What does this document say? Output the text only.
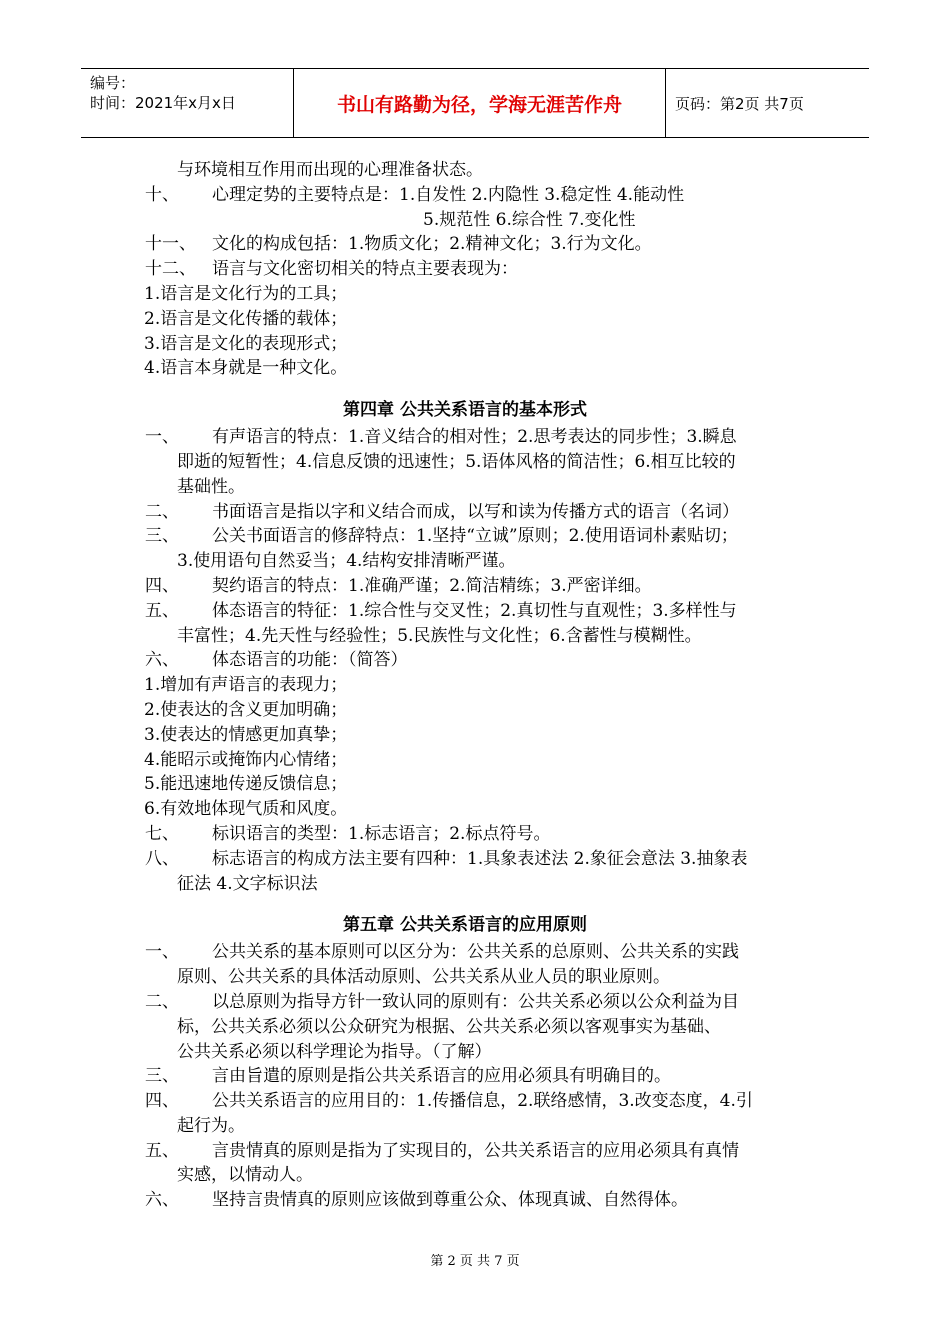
编号：
时间：2021年x月x日	书山有路勤为径，学海无涯苦作舟	页码：第2页 共7页
与环境相互作用而出现的心理准备状态。
十、 心理定势的主要特点是：1.自发性 2.内隐性 3.稳定性 4.能动性
5.规范性 6.综合性 7.变化性
十一、 文化的构成包括：1.物质文化；2.精神文化；3.行为文化。
十二、 语言与文化密切相关的特点主要表现为：
1.语言是文化行为的工具；
2.语言是文化传播的载体；
3.语言是文化的表现形式；
4.语言本身就是一种文化。
第四章 公共关系语言的基本形式
一、 有声语言的特点：1.音义结合的相对性；2.思考表达的同步性；3.瞬息
即逝的短暂性；4.信息反馈的迅速性；5.语体风格的简洁性；6.相互比较的
基础性。
二、 书面语言是指以字和义结合而成，以写和读为传播方式的语言（名词）
三、 公关书面语言的修辞特点：1.坚持“立诚”原则；2.使用语词朴素贴切；
3.使用语句自然妥当；4.结构安排清晰严谨。
四、 契约语言的特点：1.准确严谨；2.简洁精练；3.严密详细。
五、 体态语言的特征：1.综合性与交叉性；2.真切性与直观性；3.多样性与
丰富性；4.先天性与经验性；5.民族性与文化性；6.含蓄性与模糊性。
六、 体态语言的功能：（简答）
1.增加有声语言的表现力；
2.使表达的含义更加明确；
3.使表达的情感更加真挚；
4.能昭示或掩饰内心情绪；
5.能迅速地传递反馈信息；
6.有效地体现气质和风度。
七、 标识语言的类型：1.标志语言；2.标点符号。
八、 标志语言的构成方法主要有四种：1.具象表述法 2.象征会意法 3.抽象表
征法 4.文字标识法
第五章 公共关系语言的应用原则
一、 公共关系的基本原则可以区分为：公共关系的总原则、公共关系的实践
原则、公共关系的具体活动原则、公共关系从业人员的职业原则。
二、 以总原则为指导方针一致认同的原则有：公共关系必须以公众利益为目
标，公共关系必须以公众研究为根据、公共关系必须以客观事实为基础、
公共关系必须以科学理论为指导。（了解）
三、 言由旨遣的原则是指公共关系语言的应用必须具有明确目的。
四、 公共关系语言的应用目的：1.传播信息，2.联络感情，3.改变态度，4.引
起行为。
五、 言贵情真的原则是指为了实现目的，公共关系语言的应用必须具有真情
实感，以情动人。
六、 坚持言贵情真的原则应该做到尊重公众、体现真诚、自然得体。
第 2 页 共 7 页
